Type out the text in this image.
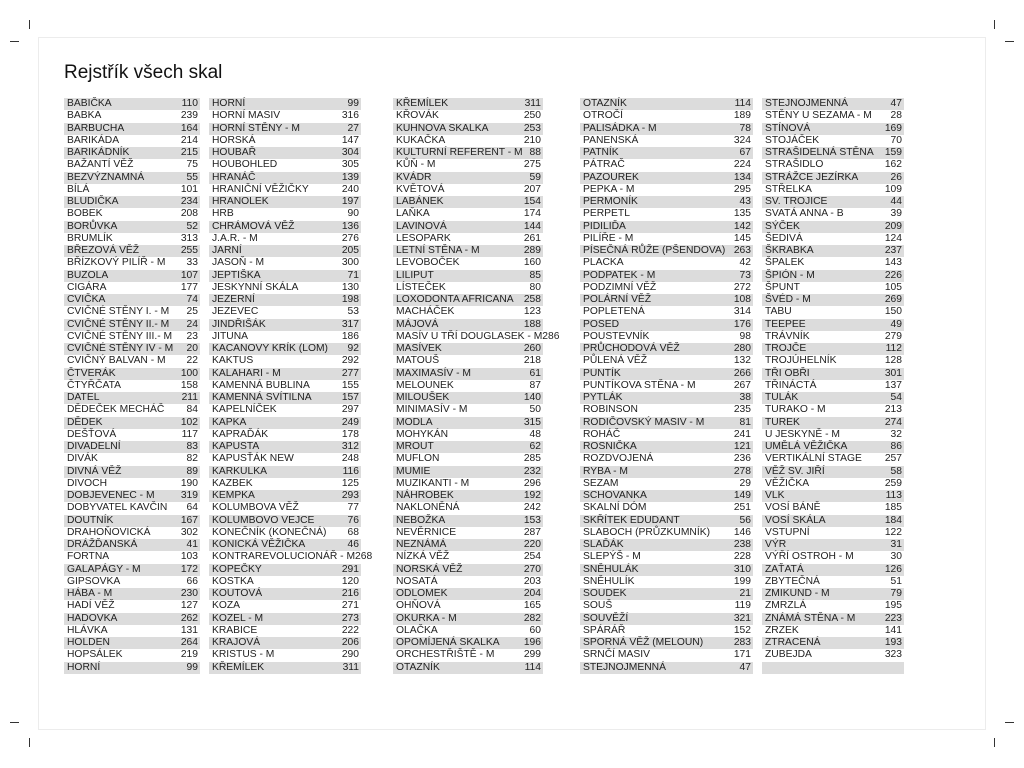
Rejstřík všech skal
BABIČKA	110
BABKA	239
BARBUCHA	164
BARIKÁDA	214
BARIKÁDNÍK	215
BAŽANTÍ VĚŽ	75
BEZVÝZNAMNÁ	55
BÍLÁ	101
BLUDIČKA	234
BOBEK	208
BORŮVKA	52
BRUMLÍK	313
BŘEZOVÁ VĚŽ	255
BŘÍZKOVÝ PILÍŘ - M 33
BUZOLA	107
CIGÁRA	177
CVIČKA	74
CVIČNÉ STĚNY I. - M 25
CVIČNÉ STĚNY II.- M 24
CVIČNÉ STĚNY III.- M 23
CVIČNÉ STĚNY IV - M 20
CVIČNÝ BALVAN - M 22
ČTVERÁK	100
ČTYŘČATA	158
DATEL	211
DĚDEČEK MECHÁČ 84
DĚDEK	102
DEŠŤOVÁ	117
DIVADELNÍ	83
DIVÁK	82
DIVNÁ VĚŽ	89
DIVOCH	190
DOBJEVENEC - M	319
DOBYVATEL KAVČIN 64
DOUTNÍK	167
DRAHOŇOVICKÁ	302
DRÁŽĎANSKÁ	41
FORTNA	103
GALAPÁGY - M	172
GIPSOVKA	66
HÁBA - M	230
HADÍ VĚŽ	127
HADOVKA	262
HLÁVKA	131
HOLDEN	264
HOPSÁLEK	219
HORNÍ	99
HORNÍ	99
HORNÍ MASIV	316
HORNÍ STĚNY - M	27
HORSKÁ	147
HOUBAŘ	304
HOUBOHLED	305
HRANÁČ	139
HRANIČNÍ VĚŽIČKY	240
HRANOLEK	197
HRB	90
CHRÁMOVÁ VĚŽ	136
J.A.R. - M	276
JARNÍ	205
JASOŇ - M	300
JEPTIŠKA	71
JESKYNNÍ SKÁLA	130
JEZERNÍ	198
JEZEVEC	53
JINDŘIŠÁK	317
JITUNA	186
KACANOVY KRÍK (LOM) 92
KAKTUS	292
KALAHARI - M	277
KAMENNÁ BUBLINA	155
KAMENNÁ SVÍTILNA	157
KAPELNÍČEK	297
KAPKA	249
KAPRAĎÁK	178
KAPUSTA	312
KAPUSŤÁK NEW	248
KARKULKA	116
KAZBEK	125
KEMPKA	293
KOLUMBOVA VĚŽ	77
KOLUMBOVO VEJCE	76
KONEČNÍK (KONEČNÁ) 68
KONICKÁ VĚŽIČKA	46
KONTRAREVOLUCIONÁŘ - M 268
KOPEČKY	291
KOSTKA	120
KOUTOVÁ	216
KOZA	271
KOZEL - M	273
KRABICE	222
KRAJOVÁ	206
KRISTUS - M	290
KŘEMÍLEK	311
KŘEMÍLEK	311
KŘOVÁK	250
KUHNOVA SKALKA	253
KUKAČKA	210
KULTURNÍ REFERENT - M 88
KŮŇ - M	275
KVÁDR	59
KVĚTOVÁ	207
LABÁNEK	154
LAŇKA	174
LAVINOVÁ	144
LESOPARK	261
LETNÍ STĚNA - M	289
LEVOBOČEK	160
LILIPUT	85
LÍSTEČEK	80
LOXODONTA AFRICANA 258
MACHÁČEK	123
MÁJOVÁ	188
MASÍV U TŘÍ DOUGLASEK - M 286
MASÍVEK	260
MATOUŠ	218
MAXIMASÍV - M	61
MELOUNEK	87
MILOUŠEK	140
MINIMASÍV - M	50
MODLA	315
MOHYKÁN	48
MROUT	62
MUFLON	285
MUMIE	232
MUZIKANTI - M	296
NÁHROBEK	192
NAKLONĚNÁ	242
NEBOŽKA	153
NEVĚRNICE	287
NEZNÁMÁ	220
NÍZKÁ VĚŽ	254
NORSKÁ VĚŽ	270
NOSATÁ	203
ODLOMEK	204
OHŇOVÁ	165
OKURKA - M	282
OLAČKA	60
OPOMÍJENÁ SKALKA 196
ORCHESTŘIŠTĚ - M	299
OTAZNÍK	114
OTAZNÍK	114
OTROČÍ	189
PALISÁDKA - M	78
PANENSKÁ	324
PATNÍK	67
PÁTRAČ	224
PAZOUREK	134
PEPKA - M	295
PERMONÍK	43
PERPETL	135
PIDILIĎA	142
PILÍŘE - M	145
PÍSEČNÁ RŮŽE (PŠENDOVA) 263
PLACKA	42
PODPATEK - M	73
PODZIMNÍ VĚŽ	272
POLÁRNÍ VĚŽ	108
POPLETENÁ	314
POSED	176
POUSTEVNÍK	98
PRŮCHODOVÁ VĚŽ	280
PŮLENÁ VĚŽ	132
PUNTÍK	266
PUNTÍKOVA STĚNA - M	267
PYTLÁK	38
ROBINSON	235
RODIČOVSKÝ MASIV - M	81
ROHÁČ	241
ROSNIČKA	121
ROZDVOJENÁ	236
RYBA - M	278
SEZAM	29
SCHOVANKA	149
SKALNÍ DÓM	251
SKŘÍTEK EDUDANT	56
SLABOCH (PRŮZKUMNÍK) 146
SLAĎÁK	238
SLEPÝŠ - M	228
SNĚHULÁK	310
SNĚHULÍK	199
SOUDEK	21
SOUŠ	119
SOUVĚŽÍ	321
SPÁRÁŘ	152
SPORNÁ VĚŽ (MELOUN)	283
SRNČÍ MASIV	171
STEJNOJMENNÁ	47
STEJNOJMENNÁ	47
STĚNY U SEZAMA - M 28
STÍNOVÁ	169
STOJÁČEK	70
STRAŠIDELNÁ STĚNA 159
STRAŠIDLO	162
STRÁŽCE JEZÍRKA	26
STŘELKA	109
SV. TROJICE	44
SVATÁ ANNA - B	39
SÝČEK	209
ŠEDIVÁ	124
ŠKRABKA	237
ŠPALEK	143
ŠPIÓN - M	226
ŠPUNT	105
ŠVÉD - M	269
TABU	150
TEEPEE	49
TRÁVNÍK	279
TROJČE	112
TROJÚHELNÍK	128
TŘI OBŘI	301
TŘINÁCTÁ	137
TULÁK	54
TURAKO - M	213
TUREK	274
U JESKYNĚ - M	32
UMĚLÁ VĚŽIČKA	86
VERTIKÁLNÍ STAGE 257
VĚŽ SV. JIŘÍ	58
VĚŽIČKA	259
VLK	113
VOSÍ BÁNĚ	185
VOSÍ SKÁLA	184
VSTUPNÍ	122
VÝR	31
VÝŘÍ OSTROH - M	30
ZAŤATÁ	126
ZBYTEČNÁ	51
ZMIKUND - M	79
ZMRZLÁ	195
ZNÁMÁ STĚNA - M	223
ZRZEK	141
ZTRACENÁ	193
ZUBEJDA	323
